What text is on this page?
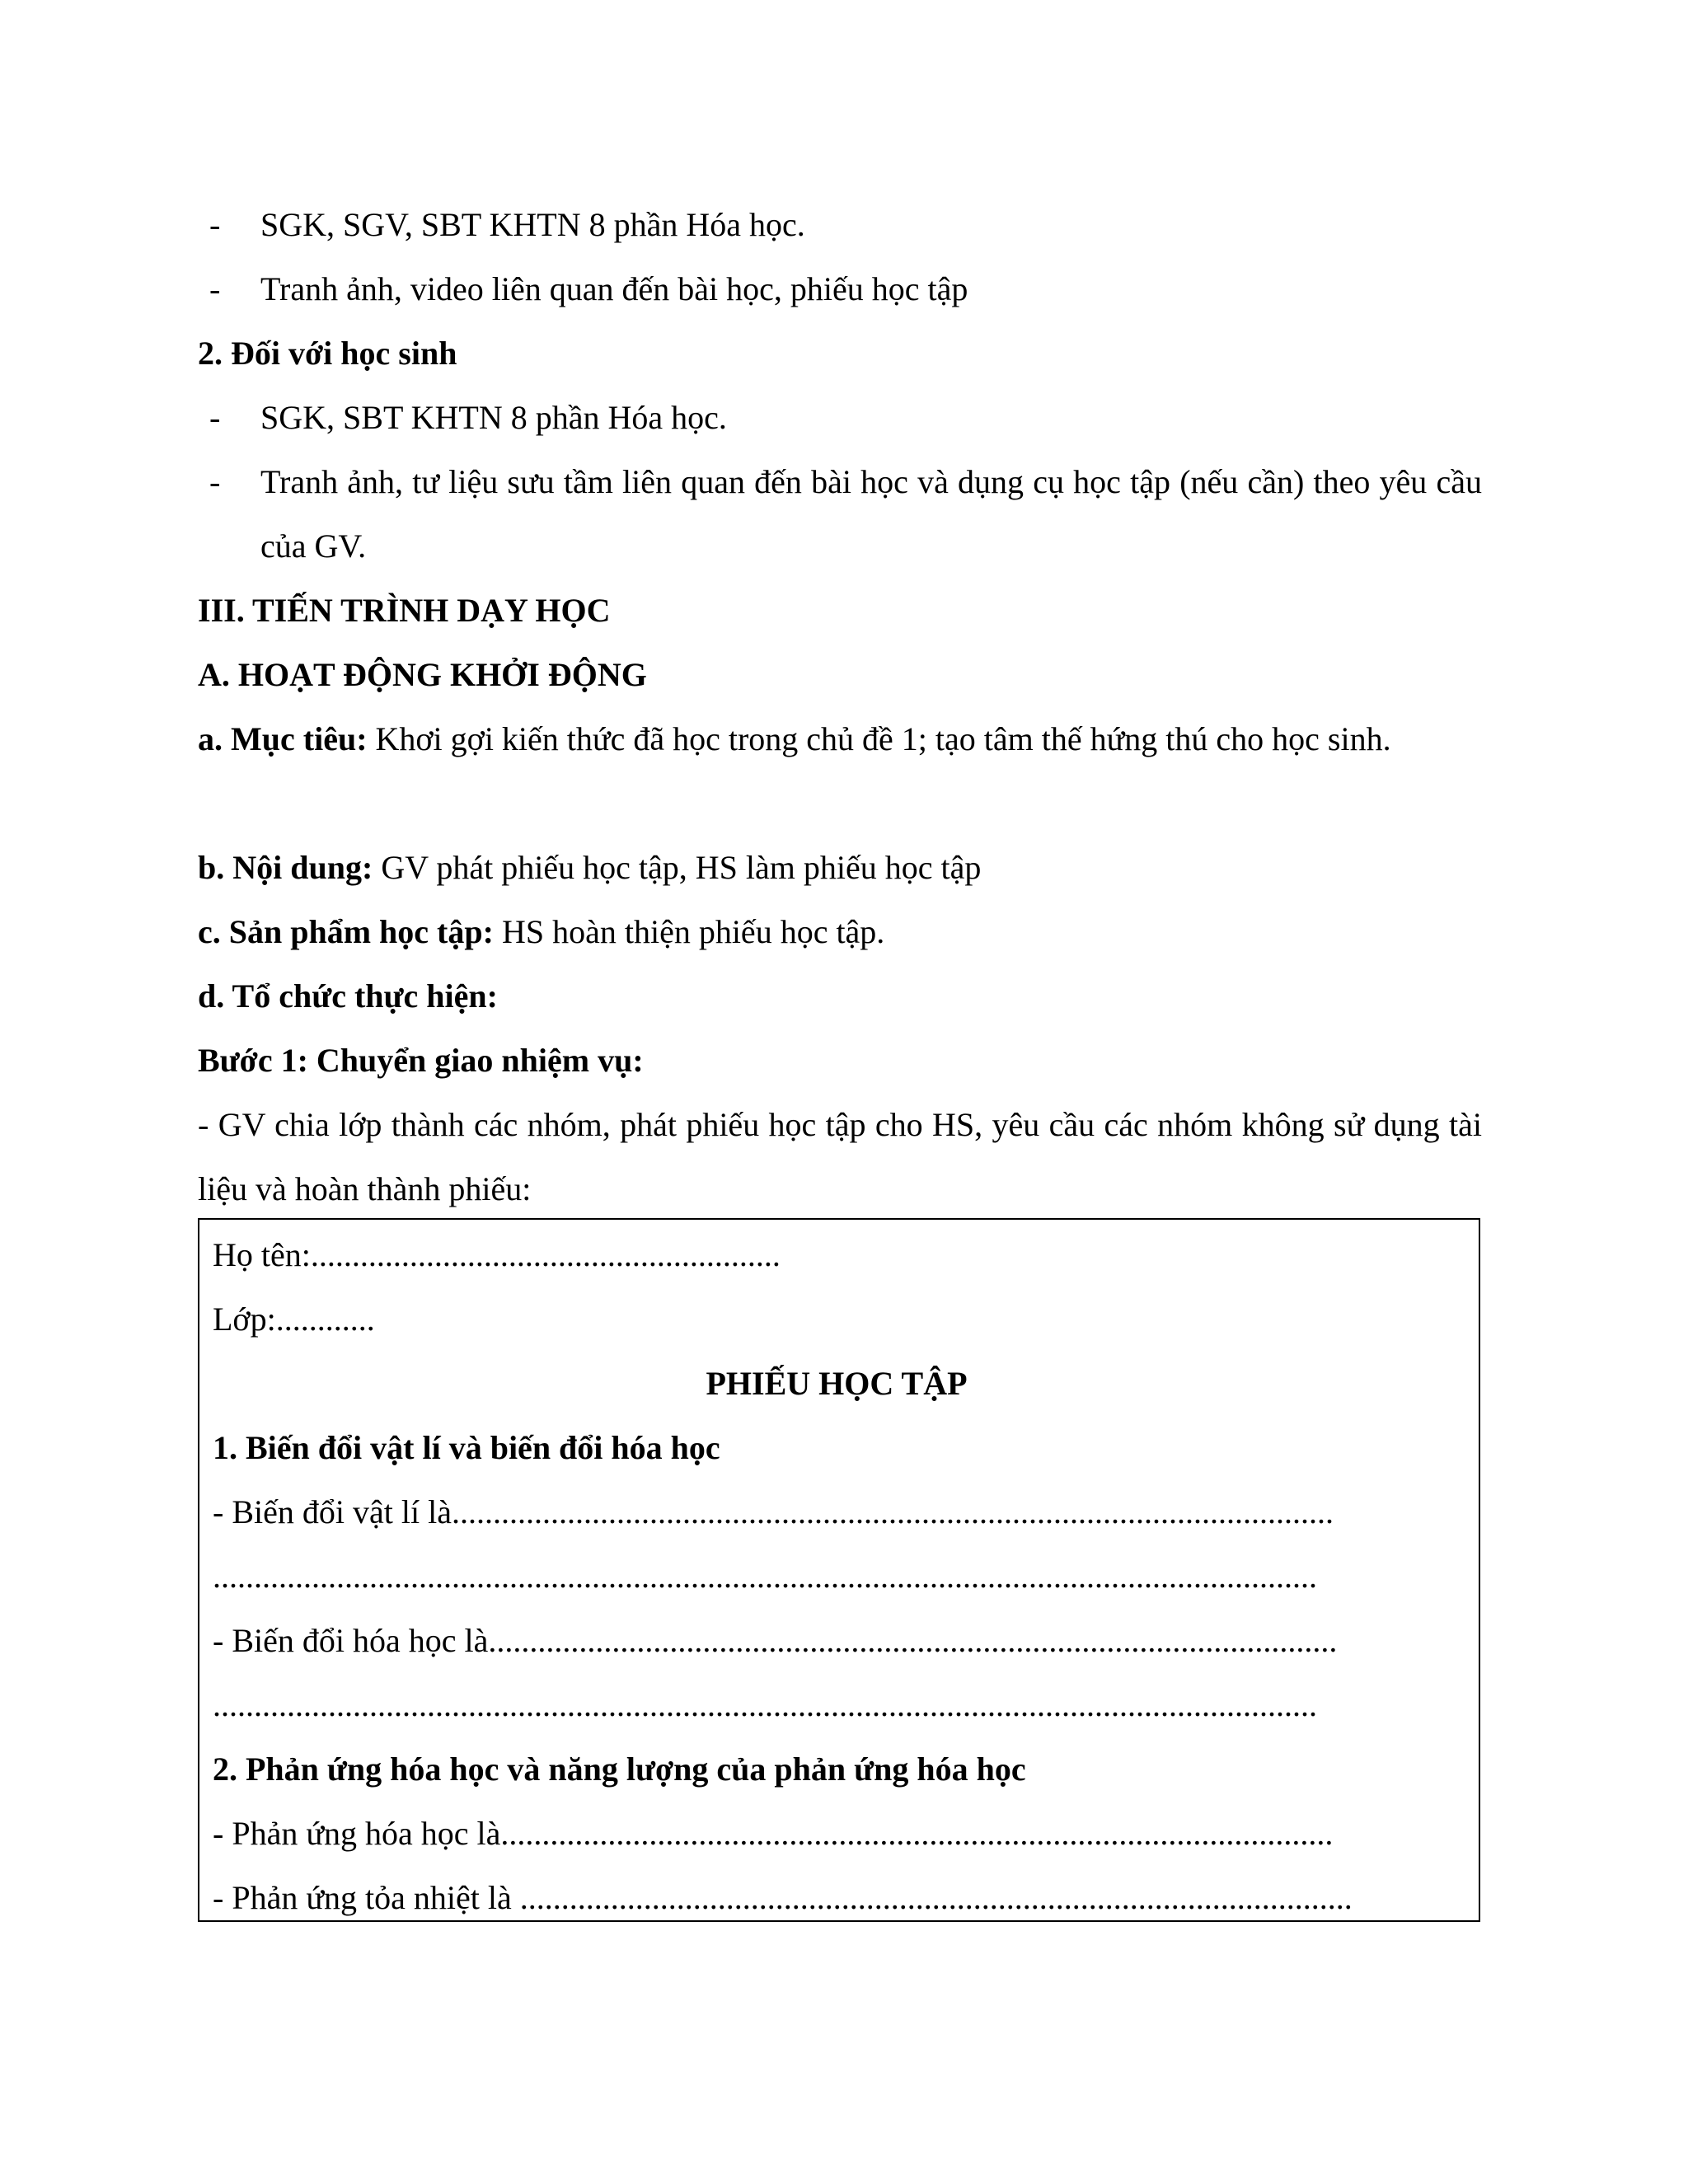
- SGK, SGV, SBT KHTN 8 phần Hóa học.
- Tranh ảnh, video liên quan đến bài học, phiếu học tập
2. Đối với học sinh
- SGK, SBT KHTN 8 phần Hóa học.
- Tranh ảnh, tư liệu sưu tầm liên quan đến bài học và dụng cụ học tập (nếu cần) theo yêu cầu của GV.
III. TIẾN TRÌNH DẠY HỌC
A. HOẠT ĐỘNG KHỞI ĐỘNG
a. Mục tiêu: Khơi gợi kiến thức đã học trong chủ đề 1; tạo tâm thế hứng thú cho học sinh.
b. Nội dung: GV phát phiếu học tập, HS làm phiếu học tập
c. Sản phẩm học tập: HS hoàn thiện phiếu học tập.
d. Tổ chức thực hiện:
Bước 1: Chuyển giao nhiệm vụ:
- GV chia lớp thành các nhóm, phát phiếu học tập cho HS, yêu cầu các nhóm không sử dụng tài liệu và hoàn thành phiếu:
Họ tên:.........................................................
Lớp:............
PHIẾU HỌC TẬP
1. Biến đổi vật lí và biến đổi hóa học
- Biến đổi vật lí là...........................................................................................................
......................................................................................................................................
- Biến đổi hóa học là.......................................................................................................
......................................................................................................................................
2. Phản ứng hóa học và năng lượng của phản ứng hóa học
- Phản ứng hóa học là.....................................................................................................
- Phản ứng tỏa nhiệt là .....................................................................................................
